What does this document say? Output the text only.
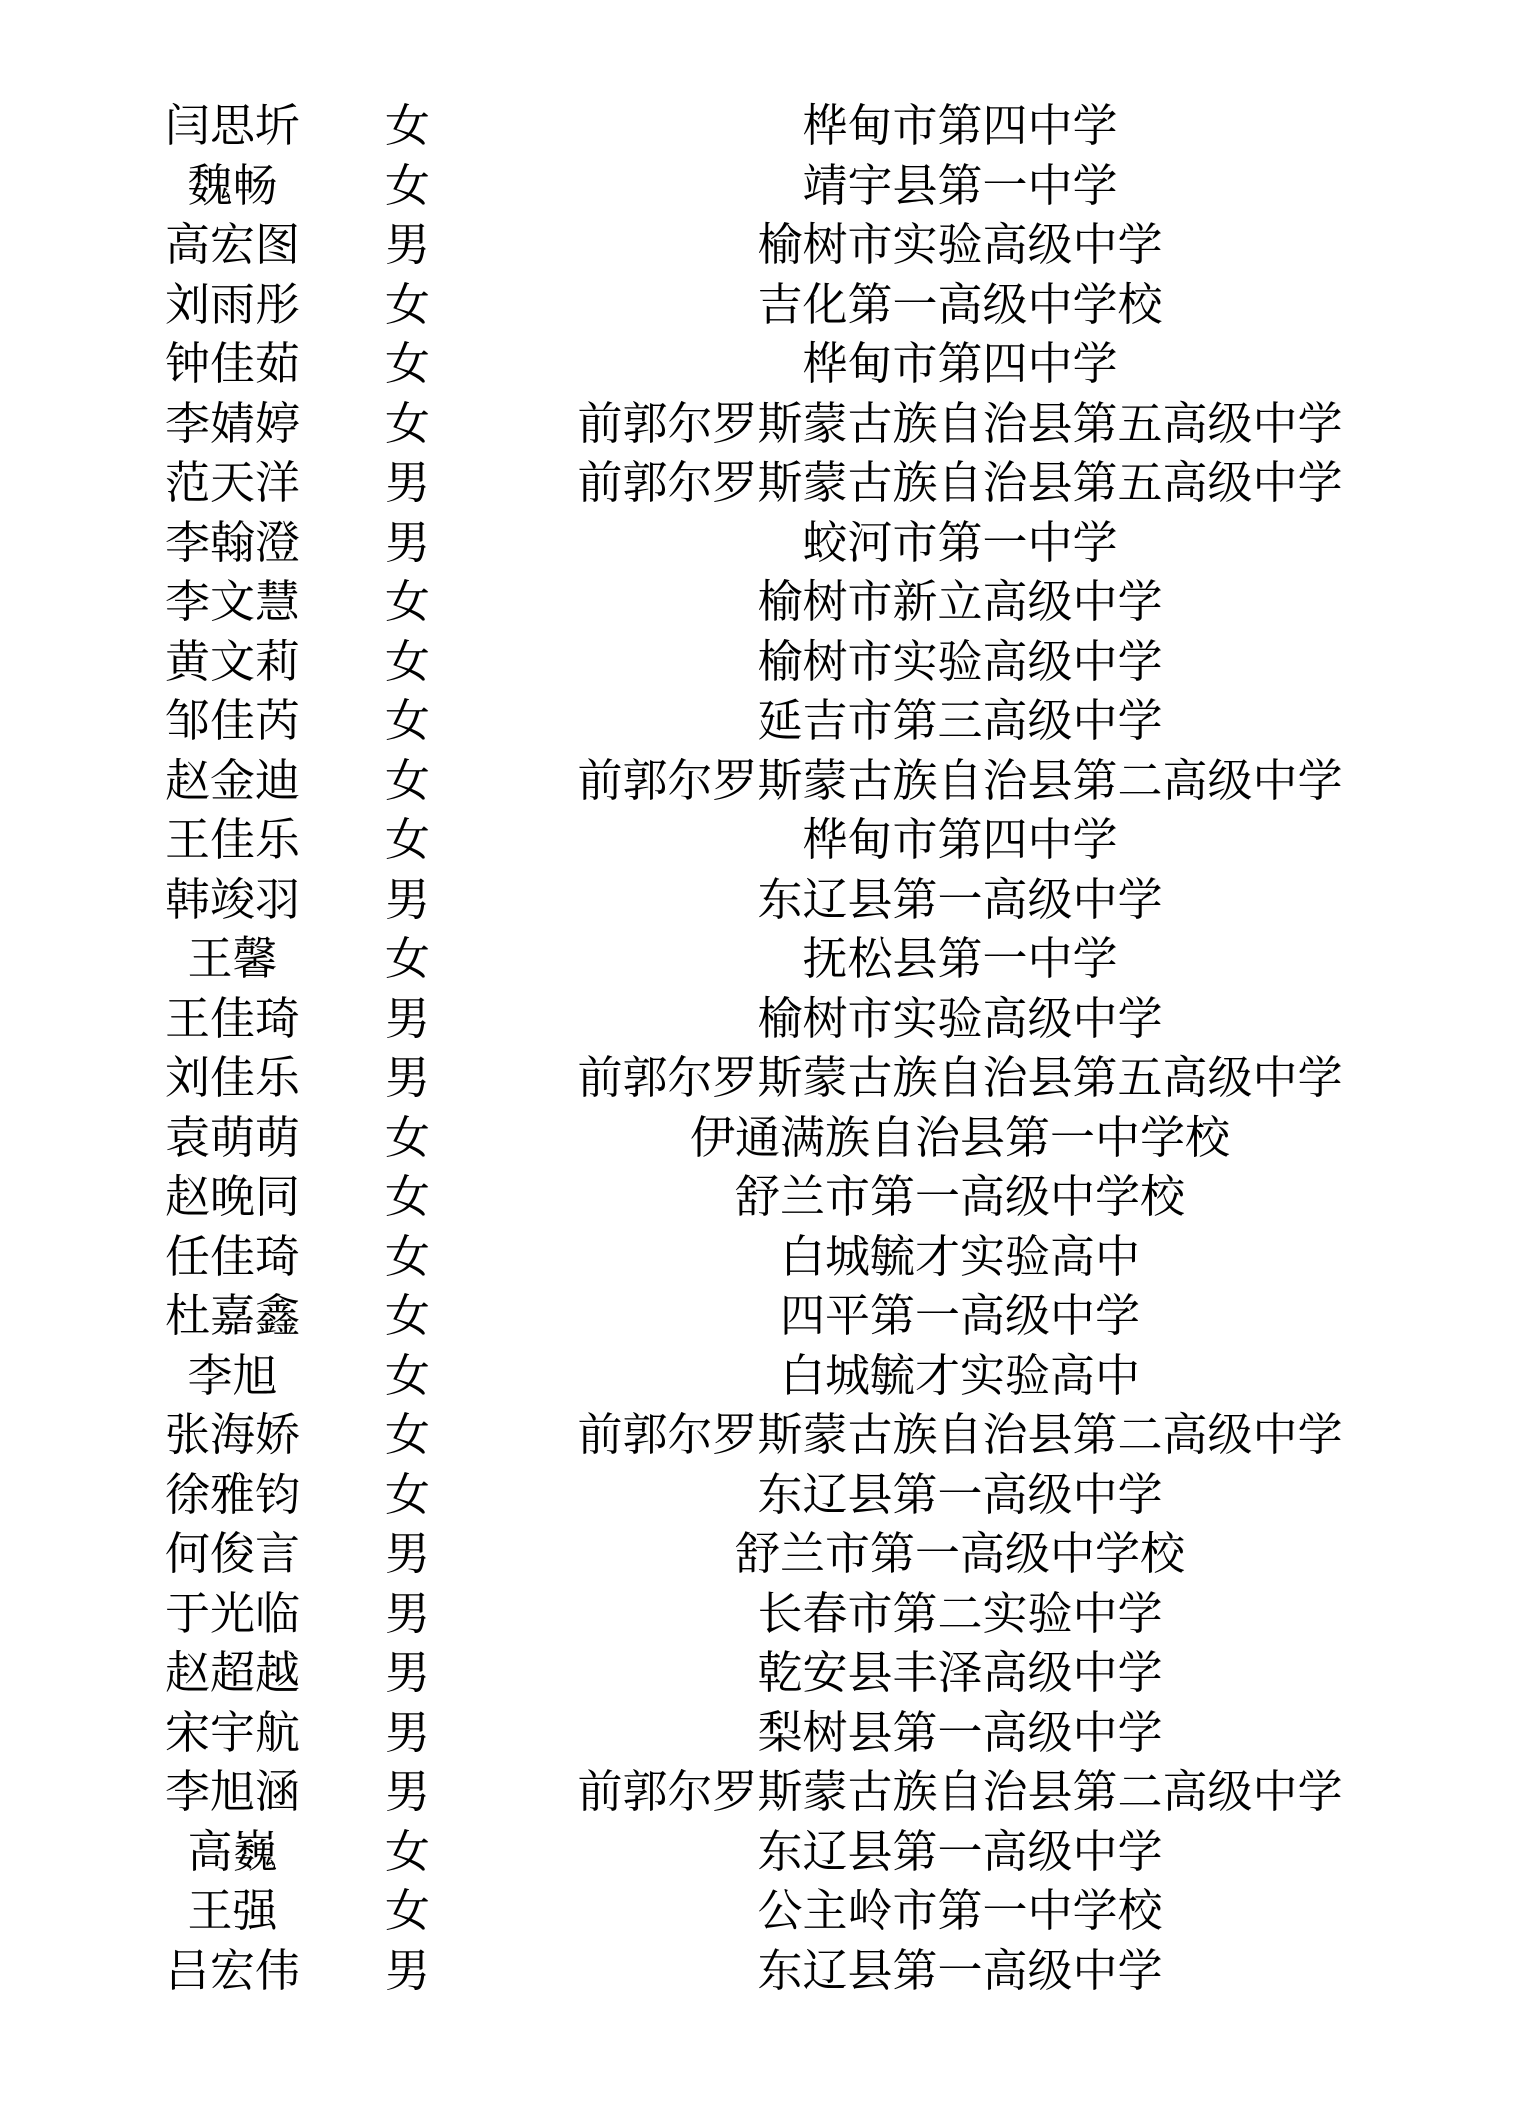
闫思圻	女	桦甸市第四中学
魏畅	女	靖宇县第一中学
高宏图	男	榆树市实验高级中学
刘雨彤	女	吉化第一高级中学校
钟佳茹	女	桦甸市第四中学
李婧婷	女	前郭尔罗斯蒙古族自治县第五高级中学
范天洋	男	前郭尔罗斯蒙古族自治县第五高级中学
李翰澄	男	蛟河市第一中学
李文慧	女	榆树市新立高级中学
黄文莉	女	榆树市实验高级中学
邹佳芮	女	延吉市第三高级中学
赵金迪	女	前郭尔罗斯蒙古族自治县第二高级中学
王佳乐	女	桦甸市第四中学
韩竣羽	男	东辽县第一高级中学
王馨	女	抚松县第一中学
王佳琦	男	榆树市实验高级中学
刘佳乐	男	前郭尔罗斯蒙古族自治县第五高级中学
袁萌萌	女	伊通满族自治县第一中学校
赵晚同	女	舒兰市第一高级中学校
任佳琦	女	白城毓才实验高中
杜嘉鑫	女	四平第一高级中学
李旭	女	白城毓才实验高中
张海娇	女	前郭尔罗斯蒙古族自治县第二高级中学
徐雅钧	女	东辽县第一高级中学
何俊言	男	舒兰市第一高级中学校
于光临	男	长春市第二实验中学
赵超越	男	乾安县丰泽高级中学
宋宇航	男	梨树县第一高级中学
李旭涵	男	前郭尔罗斯蒙古族自治县第二高级中学
高巍	女	东辽县第一高级中学
王强	女	公主岭市第一中学校
吕宏伟	男	东辽县第一高级中学
